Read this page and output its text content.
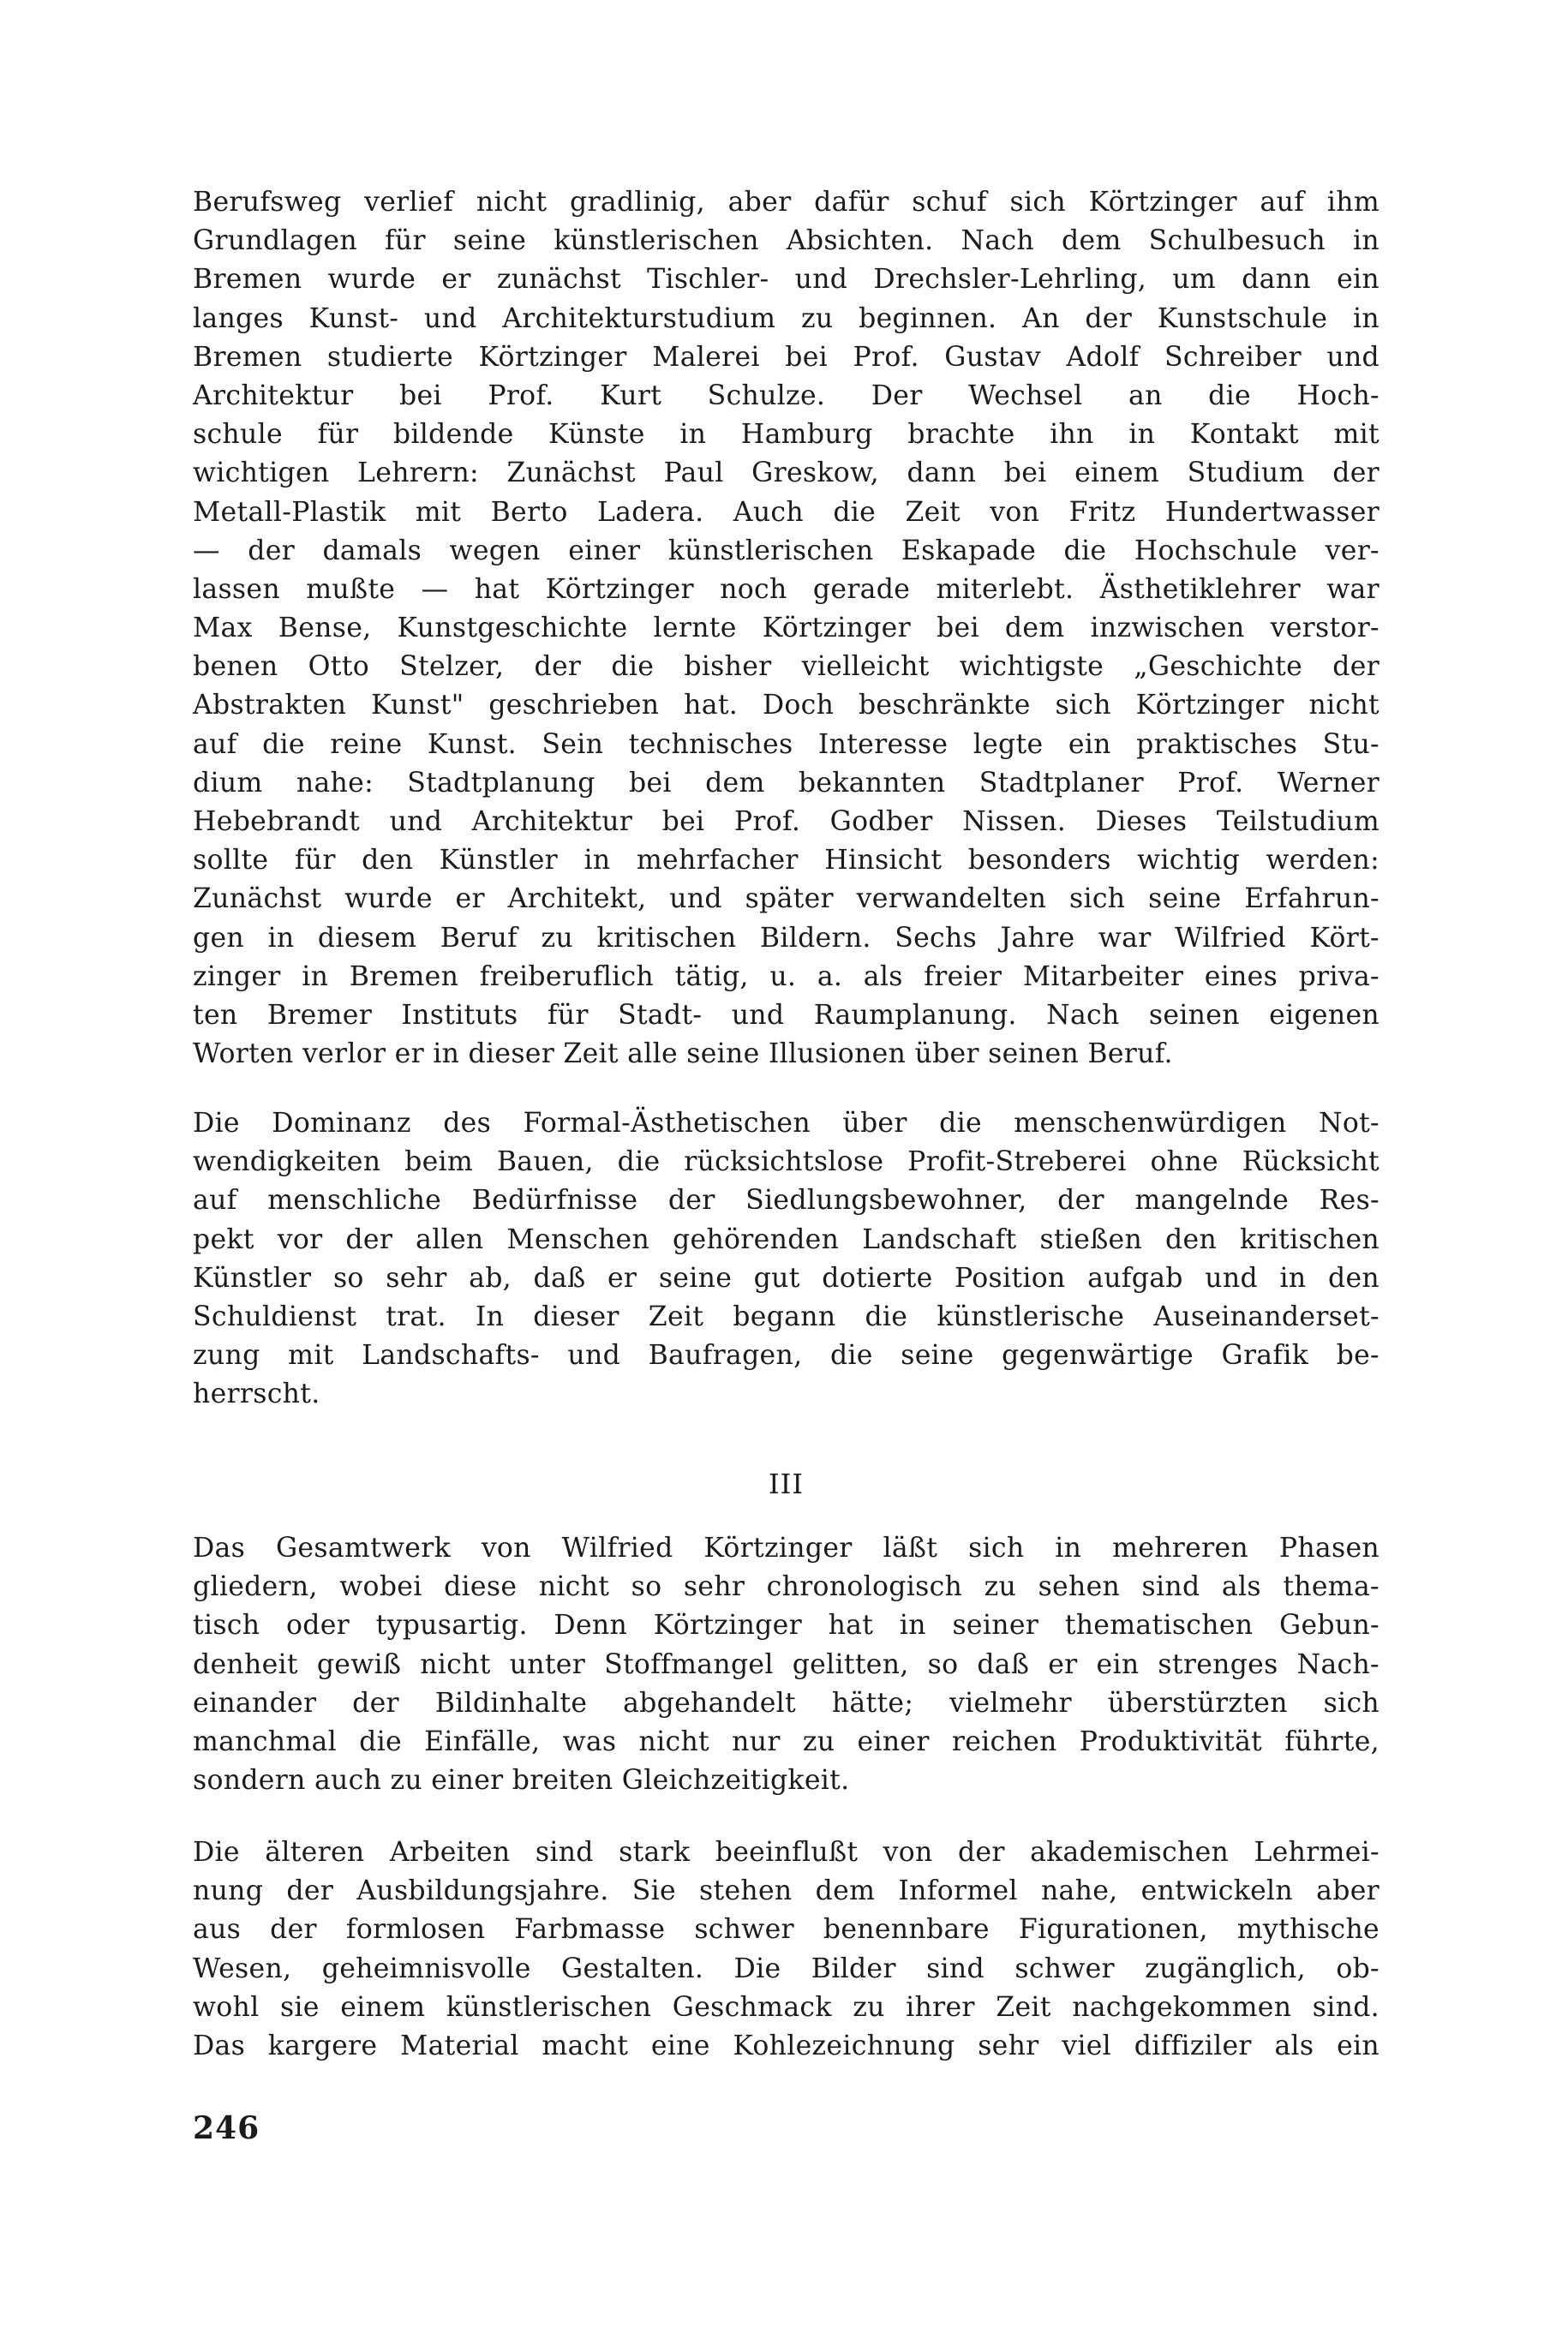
Berufsweg verlief nicht gradlinig, aber dafür schuf sich Körtzinger auf ihm
Grundlagen für seine künstlerischen Absichten. Nach dem Schulbesuch in
Bremen wurde er zunächst Tischler- und Drechsler-Lehrling, um dann ein
langes Kunst- und Architekturstudium zu beginnen. An der Kunstschule in
Bremen studierte Körtzinger Malerei bei Prof. Gustav Adolf Schreiber und
Architektur bei Prof. Kurt Schulze. Der Wechsel an die Hoch-
schule für bildende Künste in Hamburg brachte ihn in Kontakt mit
wichtigen Lehrern: Zunächst Paul Greskow, dann bei einem Studium der
Metall-Plastik mit Berto Ladera. Auch die Zeit von Fritz Hundertwasser
— der damals wegen einer künstlerischen Eskapade die Hochschule ver-
lassen mußte — hat Körtzinger noch gerade miterlebt. Ästhetiklehrer war
Max Bense, Kunstgeschichte lernte Körtzinger bei dem inzwischen verstor-
benen Otto Stelzer, der die bisher vielleicht wichtigste „Geschichte der
Abstrakten Kunst" geschrieben hat. Doch beschränkte sich Körtzinger nicht
auf die reine Kunst. Sein technisches Interesse legte ein praktisches Stu-
dium nahe: Stadtplanung bei dem bekannten Stadtplaner Prof. Werner
Hebebrandt und Architektur bei Prof. Godber Nissen. Dieses Teilstudium
sollte für den Künstler in mehrfacher Hinsicht besonders wichtig werden:
Zunächst wurde er Architekt, und später verwandelten sich seine Erfahrun-
gen in diesem Beruf zu kritischen Bildern. Sechs Jahre war Wilfried Kört-
zinger in Bremen freiberuflich tätig, u. a. als freier Mitarbeiter eines priva-
ten Bremer Instituts für Stadt- und Raumplanung. Nach seinen eigenen
Worten verlor er in dieser Zeit alle seine Illusionen über seinen Beruf.
Die Dominanz des Formal-Ästhetischen über die menschenwürdigen Not-
wendigkeiten beim Bauen, die rücksichtslose Profit-Streberei ohne Rücksicht
auf menschliche Bedürfnisse der Siedlungsbewohner, der mangelnde Res-
pekt vor der allen Menschen gehörenden Landschaft stießen den kritischen
Künstler so sehr ab, daß er seine gut dotierte Position aufgab und in den
Schuldienst trat. In dieser Zeit begann die künstlerische Auseinanderset-
zung mit Landschafts- und Baufragen, die seine gegenwärtige Grafik be-
herrscht.
III
Das Gesamtwerk von Wilfried Körtzinger läßt sich in mehreren Phasen
gliedern, wobei diese nicht so sehr chronologisch zu sehen sind als thema-
tisch oder typusartig. Denn Körtzinger hat in seiner thematischen Gebun-
denheit gewiß nicht unter Stoffmangel gelitten, so daß er ein strenges Nach-
einander der Bildinhalte abgehandelt hätte; vielmehr überstürzten sich
manchmal die Einfälle, was nicht nur zu einer reichen Produktivität führte,
sondern auch zu einer breiten Gleichzeitigkeit.
Die älteren Arbeiten sind stark beeinflußt von der akademischen Lehrmei-
nung der Ausbildungsjahre. Sie stehen dem Informel nahe, entwickeln aber
aus der formlosen Farbmasse schwer benennbare Figurationen, mythische
Wesen, geheimnisvolle Gestalten. Die Bilder sind schwer zugänglich, ob-
wohl sie einem künstlerischen Geschmack zu ihrer Zeit nachgekommen sind.
Das kargere Material macht eine Kohlezeichnung sehr viel diffiziler als ein
246
